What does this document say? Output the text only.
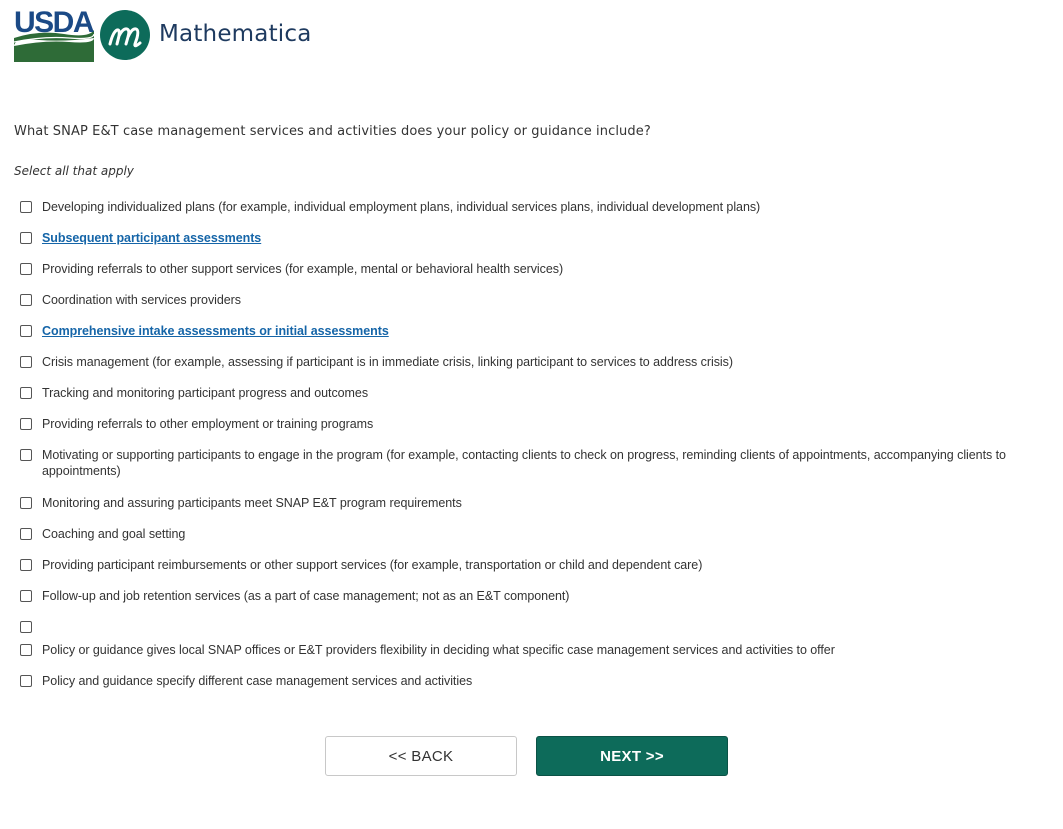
USDA	Mathematica
What SNAP E&T case management services and activities does your policy or guidance include?
Select all that apply
Developing individualized plans (for example, individual employment plans, individual services plans, individual development plans)
Subsequent participant assessments
Providing referrals to other support services (for example, mental or behavioral health services)
Coordination with services providers
Comprehensive intake assessments or initial assessments
Crisis management (for example, assessing if participant is in immediate crisis, linking participant to services to address crisis)
Tracking and monitoring participant progress and outcomes
Providing referrals to other employment or training programs
Motivating or supporting participants to engage in the program (for example, contacting clients to check on progress, reminding clients of appointments, accompanying clients to appointments)
Monitoring and assuring participants meet SNAP E&T program requirements
Coaching and goal setting
Providing participant reimbursements or other support services (for example, transportation or child and dependent care)
Follow-up and job retention services (as a part of case management; not as an E&T component)
Policy or guidance gives local SNAP offices or E&T providers flexibility in deciding what specific case management services and activities to offer
Policy and guidance specify different case management services and activities
<< BACK	NEXT >>
